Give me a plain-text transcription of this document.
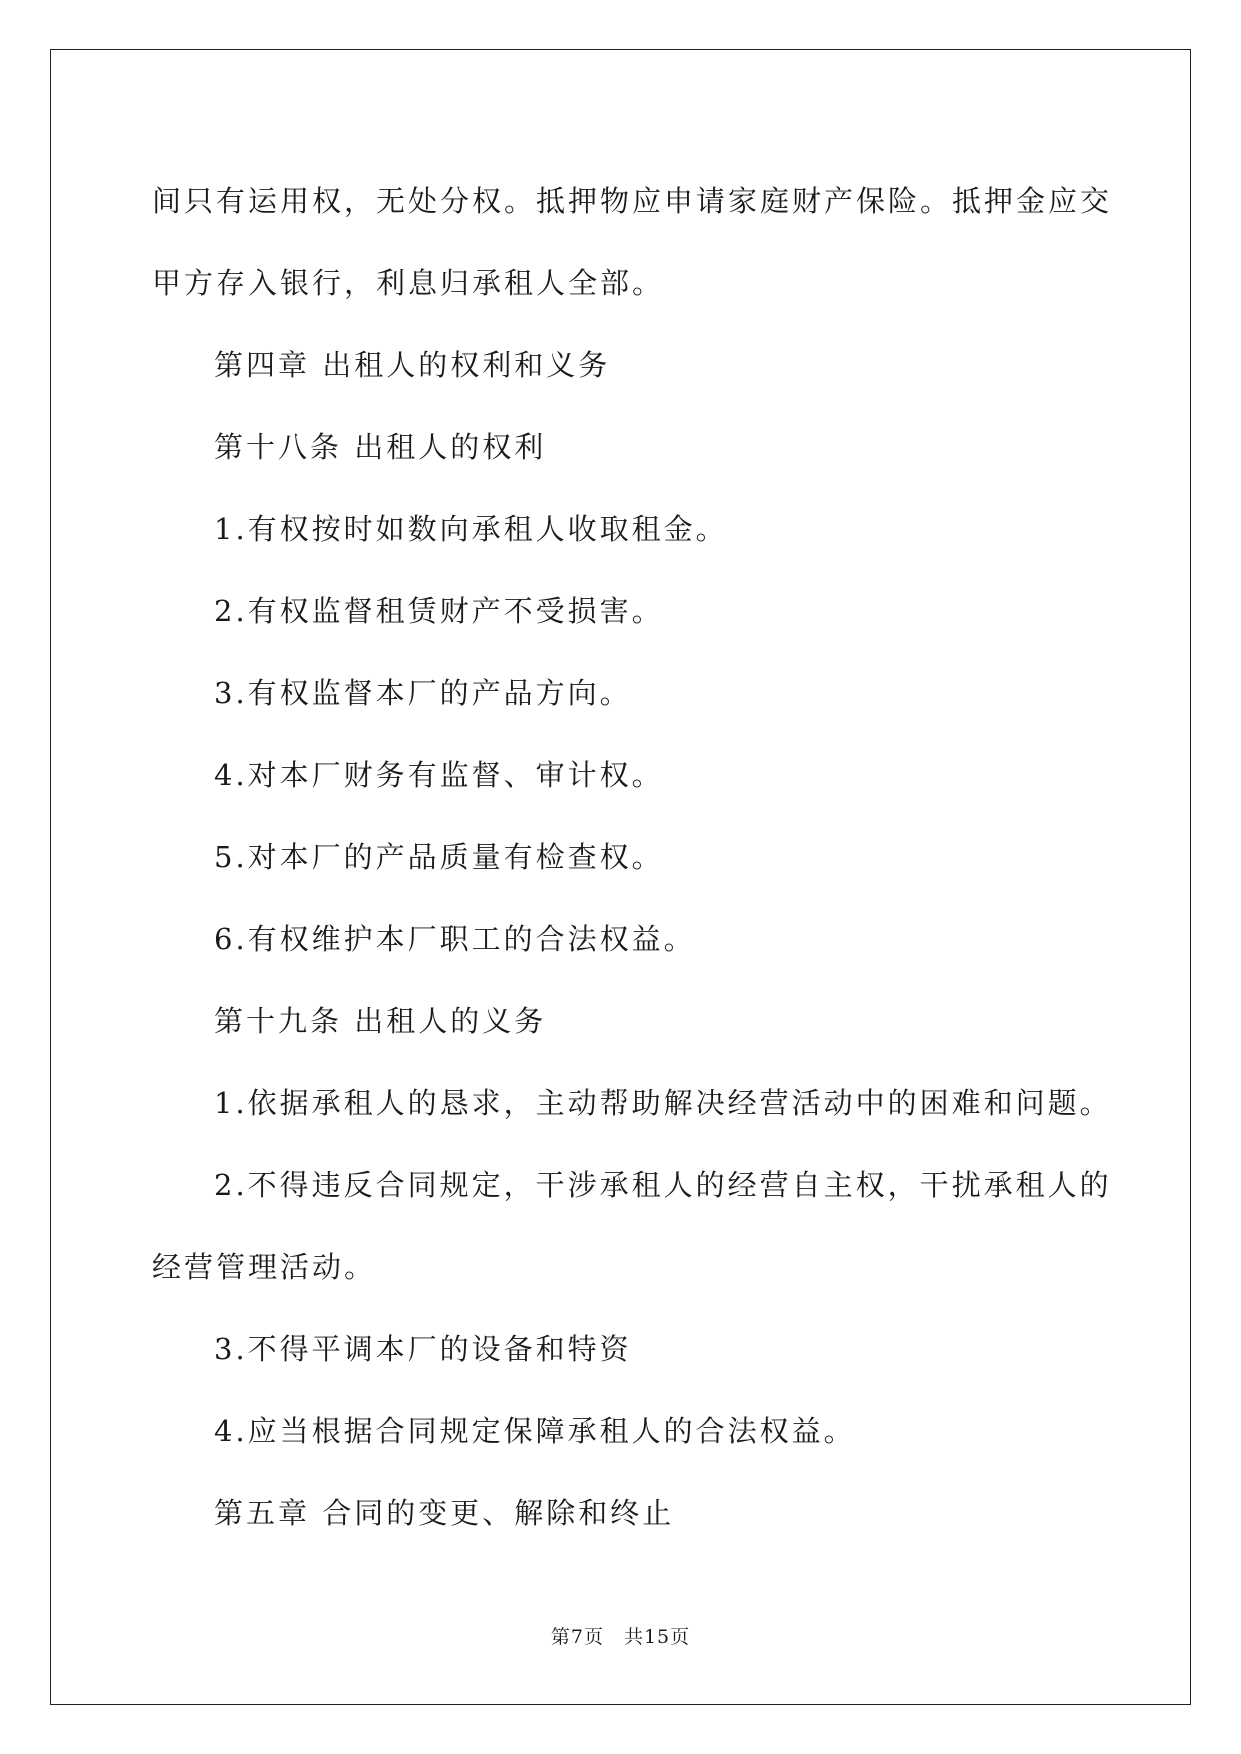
间只有运用权，无处分权。抵押物应申请家庭财产保险。抵押金应交
甲方存入银行，利息归承租人全部。
第四章 出租人的权利和义务
第十八条 出租人的权利
1.有权按时如数向承租人收取租金。
2.有权监督租赁财产不受损害。
3.有权监督本厂的产品方向。
4.对本厂财务有监督、审计权。
5.对本厂的产品质量有检查权。
6.有权维护本厂职工的合法权益。
第十九条 出租人的义务
1.依据承租人的恳求，主动帮助解决经营活动中的困难和问题。
2.不得违反合同规定，干涉承租人的经营自主权，干扰承租人的
经营管理活动。
3.不得平调本厂的设备和特资
4.应当根据合同规定保障承租人的合法权益。
第五章 合同的变更、解除和终止
第7页　共15页
